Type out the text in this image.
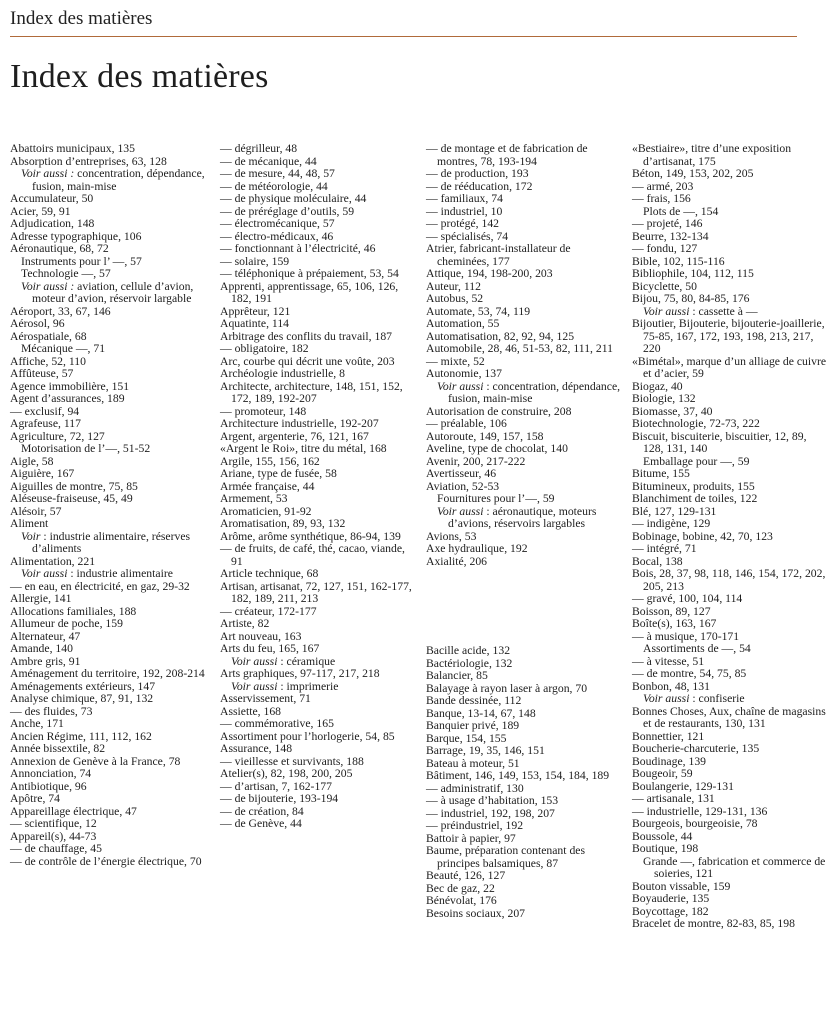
Index des matières
Index des matières
Abattoirs municipaux, 135
Absorption d’entreprises, 63, 128
Voir aussi : concentration, dépendance, fusion, main-mise
Accumulateur, 50
Acier, 59, 91
Adjudication, 148
Adresse typographique, 106
Aéronautique, 68, 72
Instruments pour l’ —, 57
Technologie —, 57
Voir aussi : aviation, cellule d’avion, moteur d’avion, réservoir largable
Aéroport, 33, 67, 146
Aérosol, 96
Aérospatiale, 68
Mécanique —, 71
Affiche, 52, 110
Affûteuse, 57
Agence immobilière, 151
Agent d’assurances, 189
— exclusif, 94
Agrafeuse, 117
Agriculture, 72, 127
Motorisation de l’—, 51-52
Aigle, 58
Aiguière, 167
Aiguilles de montre, 75, 85
Aléseuse-fraiseuse, 45, 49
Alésoir, 57
Aliment
Voir : industrie alimentaire, réserves d’aliments
Alimentation, 221
Voir aussi : industrie alimentaire
— en eau, en électricité, en gaz, 29-32
Allergie, 141
Allocations familiales, 188
Allumeur de poche, 159
Alternateur, 47
Amande, 140
Ambre gris, 91
Aménagement du territoire, 192, 208-214
Aménagements extérieurs, 147
Analyse chimique, 87, 91, 132
— des fluides, 73
Anche, 171
Ancien Régime, 111, 112, 162
Année bissextile, 82
Annexion de Genève à la France, 78
Annonciation, 74
Antibiotique, 96
Apôtre, 74
Appareillage électrique, 47
— scientifique, 12
Appareil(s), 44-73
— de chauffage, 45
— de contrôle de l’énergie électrique, 70
— dégrilleur, 48
— de mécanique, 44
— de mesure, 44, 48, 57
— de météorologie, 44
— de physique moléculaire, 44
— de préréglage d’outils, 59
— électromécanique, 57
— électro-médicaux, 46
— fonctionnant à l’électricité, 46
— solaire, 159
— téléphonique à prépaiement, 53, 54
Apprenti, apprentissage, 65, 106, 126, 182, 191
Apprêteur, 121
Aquatinte, 114
Arbitrage des conflits du travail, 187
— obligatoire, 182
Arc, courbe qui décrit une voûte, 203
Archéologie industrielle, 8
Architecte, architecture, 148, 151, 152, 172, 189, 192-207
— promoteur, 148
Architecture industrielle, 192-207
Argent, argenterie, 76, 121, 167
«Argent le Roi», titre du métal, 168
Argile, 155, 156, 162
Ariane, type de fusée, 58
Armée française, 44
Armement, 53
Aromaticien, 91-92
Aromatisation, 89, 93, 132
Arôme, arôme synthétique, 86-94, 139
— de fruits, de café, thé, cacao, viande, 91
Article technique, 68
Artisan, artisanat, 72, 127, 151, 162-177, 182, 189, 211, 213
— créateur, 172-177
Artiste, 82
Art nouveau, 163
Arts du feu, 165, 167
Voir aussi : céramique
Arts graphiques, 97-117, 217, 218
Voir aussi : imprimerie
Asservissement, 71
Assiette, 168
— commémorative, 165
Assortiment pour l’horlogerie, 54, 85
Assurance, 148
— vieillesse et survivants, 188
Atelier(s), 82, 198, 200, 205
— d’artisan, 7, 162-177
— de bijouterie, 193-194
— de création, 84
— de Genève, 44
— de montage et de fabrication de montres, 78, 193-194
— de production, 193
— de rééducation, 172
— familiaux, 74
— industriel, 10
— protégé, 142
— spécialisés, 74
Atrier, fabricant-installateur de cheminées, 177
Attique, 194, 198-200, 203
Auteur, 112
Autobus, 52
Automate, 53, 74, 119
Automation, 55
Automatisation, 82, 92, 94, 125
Automobile, 28, 46, 51-53, 82, 111, 211
— mixte, 52
Autonomie, 137
Voir aussi : concentration, dépendance, fusion, main-mise
Autorisation de construire, 208
— préalable, 106
Autoroute, 149, 157, 158
Aveline, type de chocolat, 140
Avenir, 200, 217-222
Avertisseur, 46
Aviation, 52-53
Fournitures pour l’—, 59
Voir aussi : aéronautique, moteurs d’avions, réservoirs largables
Avions, 53
Axe hydraulique, 192
Axialité, 206
Bacille acide, 132
Bactériologie, 132
Balancier, 85
Balayage à rayon laser à argon, 70
Bande dessinée, 112
Banque, 13-14, 67, 148
Banquier privé, 189
Barque, 154, 155
Barrage, 19, 35, 146, 151
Bateau à moteur, 51
Bâtiment, 146, 149, 153, 154, 184, 189
— administratif, 130
— à usage d’habitation, 153
— industriel, 192, 198, 207
— préindustriel, 192
Battoir à papier, 97
Baume, préparation contenant des principes balsamiques, 87
Beauté, 126, 127
Bec de gaz, 22
Bénévolat, 176
Besoins sociaux, 207
«Bestiaire», titre d’une exposition d’artisanat, 175
Béton, 149, 153, 202, 205
— armé, 203
— frais, 156
Plots de —, 154
— projeté, 146
Beurre, 132-134
— fondu, 127
Bible, 102, 115-116
Bibliophile, 104, 112, 115
Bicyclette, 50
Bijou, 75, 80, 84-85, 176
Voir aussi : cassette à —
Bijoutier, Bijouterie, bijouterie-joaillerie, 75-85, 167, 172, 193, 198, 213, 217, 220
«Bimétal», marque d’un alliage de cuivre et d’acier, 59
Biogaz, 40
Biologie, 132
Biomasse, 37, 40
Biotechnologie, 72-73, 222
Biscuit, biscuiterie, biscuitier, 12, 89, 128, 131, 140
Emballage pour —, 59
Bitume, 155
Bitumineux, produits, 155
Blanchiment de toiles, 122
Blé, 127, 129-131
— indigène, 129
Bobinage, bobine, 42, 70, 123
— intégré, 71
Bocal, 138
Bois, 28, 37, 98, 118, 146, 154, 172, 202, 205, 213
— gravé, 100, 104, 114
Boisson, 89, 127
Boîte(s), 163, 167
— à musique, 170-171
Assortiments de —, 54
— à vitesse, 51
— de montre, 54, 75, 85
Bonbon, 48, 131
Voir aussi : confiserie
Bonnes Choses, Aux, chaîne de magasins et de restaurants, 130, 131
Bonnettier, 121
Boucherie-charcuterie, 135
Boudinage, 139
Bougeoir, 59
Boulangerie, 129-131
— artisanale, 131
— industrielle, 129-131, 136
Bourgeois, bourgeoisie, 78
Boussole, 44
Boutique, 198
Grande —, fabrication et commerce de soieries, 121
Bouton vissable, 159
Boyauderie, 135
Boycottage, 182
Bracelet de montre, 82-83, 85, 198
